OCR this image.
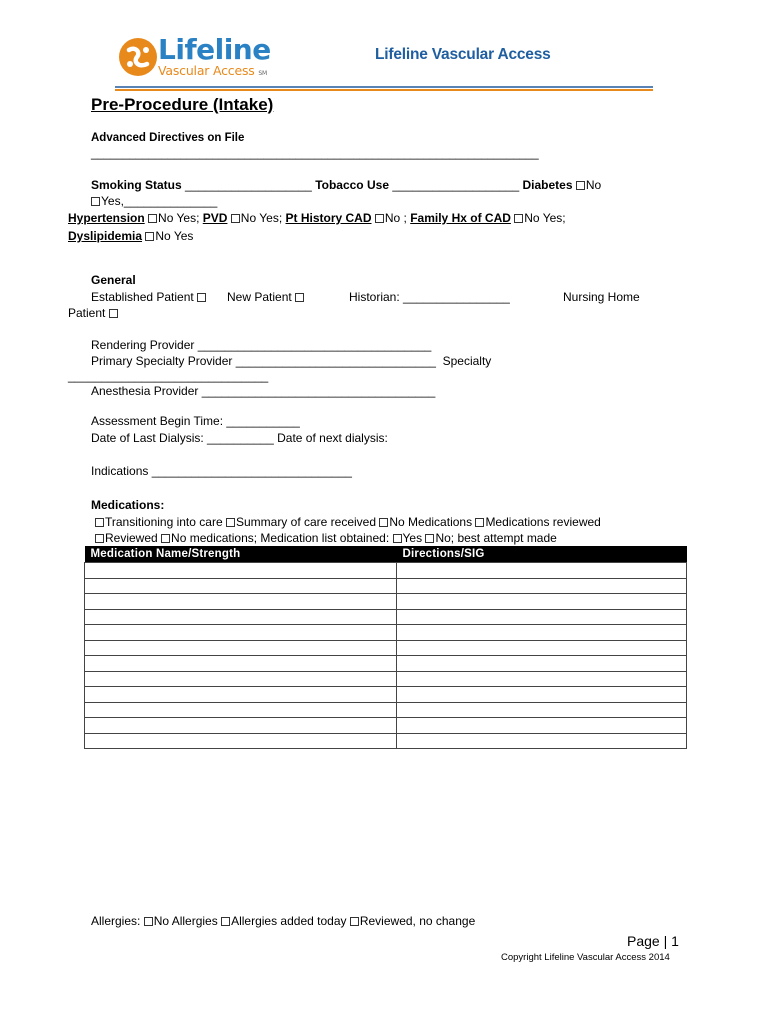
Lifeline
Vascular Access SM
Lifeline Vascular Access
Pre-Procedure (Intake)
Advanced Directives on File
______________________________________________________________________
Smoking Status ___________________ Tobacco Use ___________________ Diabetes No
Yes,______________
Hypertension No Yes; PVD No Yes; Pt History CAD No ; Family Hx of CAD No Yes;
Dyslipidemia No Yes
General
Established Patient	New Patient	Historian: ________________	Nursing Home
Patient
Rendering Provider ___________________________________
Primary Specialty Provider ______________________________ Specialty
______________________________
Anesthesia Provider ___________________________________
Assessment Begin Time: ___________
Date of Last Dialysis: __________ Date of next dialysis:
Indications ______________________________
Medications:
Transitioning into care Summary of care received No Medications Medications reviewed
Reviewed No medications; Medication list obtained: Yes No; best attempt made
Medication Name/Strength	Directions/SIG

Allergies: No Allergies Allergies added today Reviewed, no change
Page | 1
Copyright Lifeline Vascular Access 2014
